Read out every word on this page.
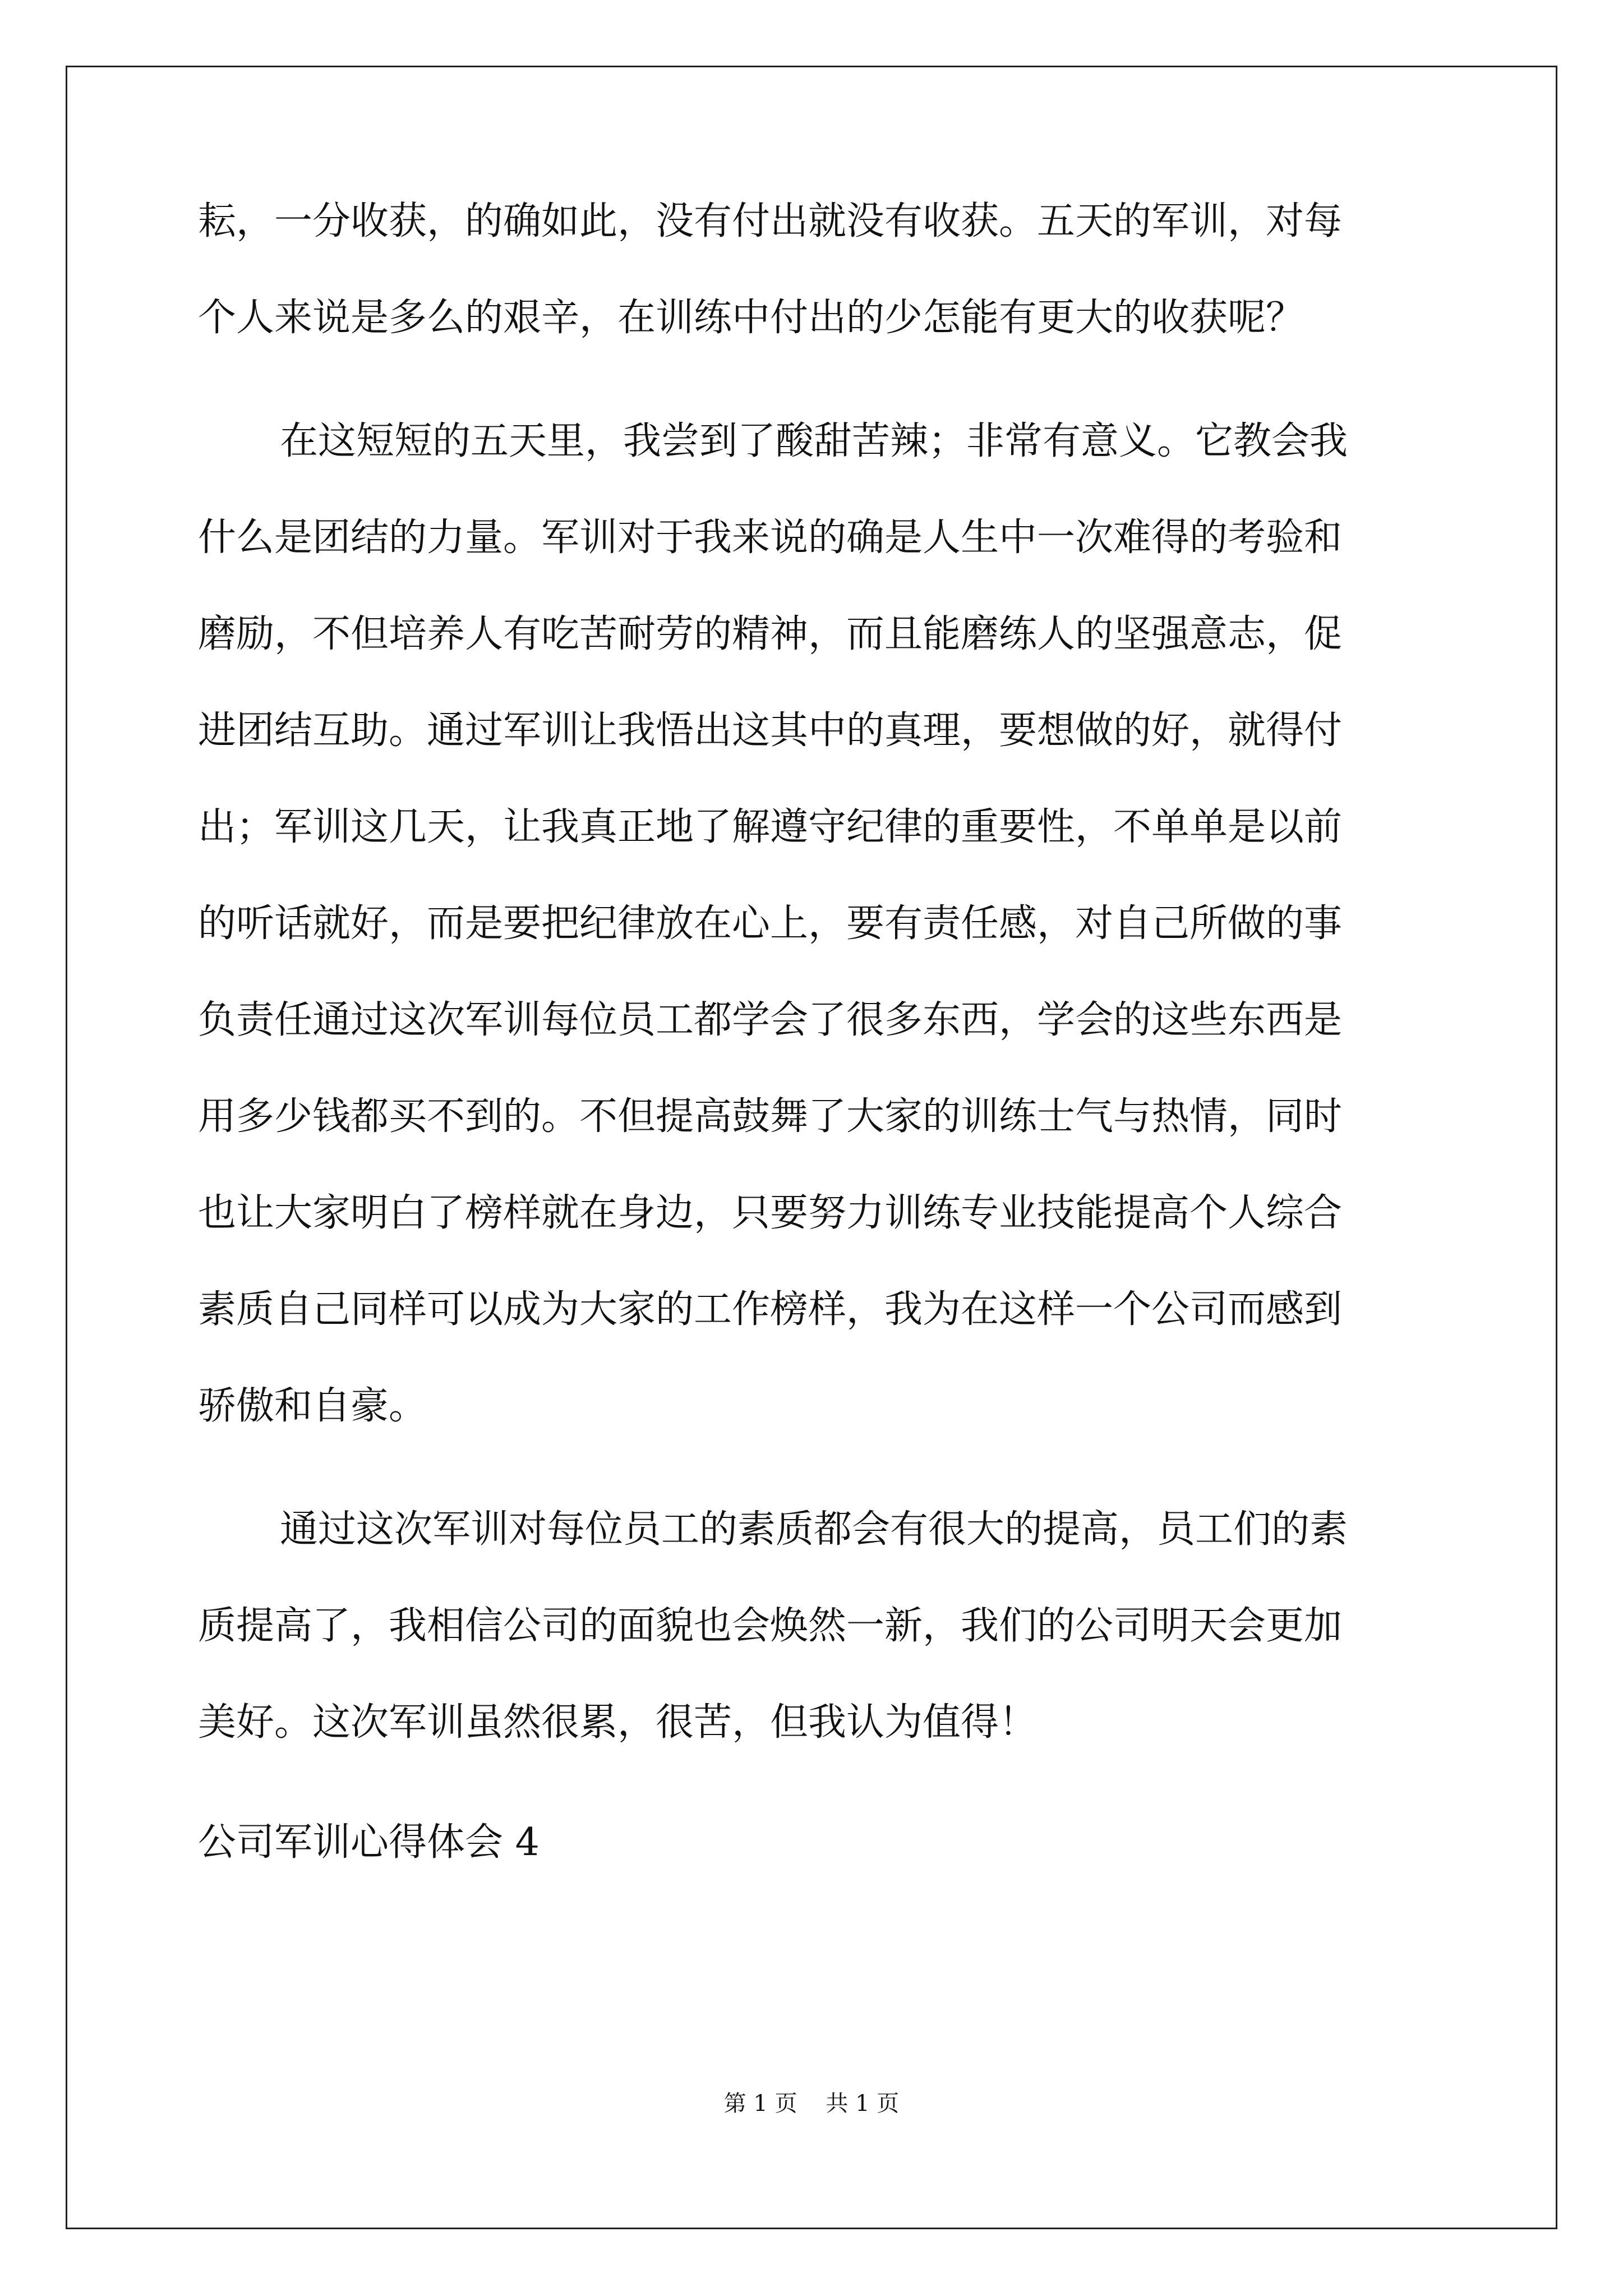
耘，一分收获，的确如此，没有付出就没有收获。五天的军训，对每
个人来说是多么的艰辛，在训练中付出的少怎能有更大的收获呢？
在这短短的五天里，我尝到了酸甜苦辣；非常有意义。它教会我
什么是团结的力量。军训对于我来说的确是人生中一次难得的考验和
磨励，不但培养人有吃苦耐劳的精神，而且能磨练人的坚强意志，促
进团结互助。通过军训让我悟出这其中的真理，要想做的好，就得付
出；军训这几天，让我真正地了解遵守纪律的重要性，不单单是以前
的听话就好，而是要把纪律放在心上，要有责任感，对自己所做的事
负责任通过这次军训每位员工都学会了很多东西，学会的这些东西是
用多少钱都买不到的。不但提高鼓舞了大家的训练士气与热情，同时
也让大家明白了榜样就在身边，只要努力训练专业技能提高个人综合
素质自己同样可以成为大家的工作榜样，我为在这样一个公司而感到
骄傲和自豪。
通过这次军训对每位员工的素质都会有很大的提高，员工们的素
质提高了，我相信公司的面貌也会焕然一新，我们的公司明天会更加
美好。这次军训虽然很累，很苦，但我认为值得！
公司军训心得体会 4
第 1 页    共 1 页
